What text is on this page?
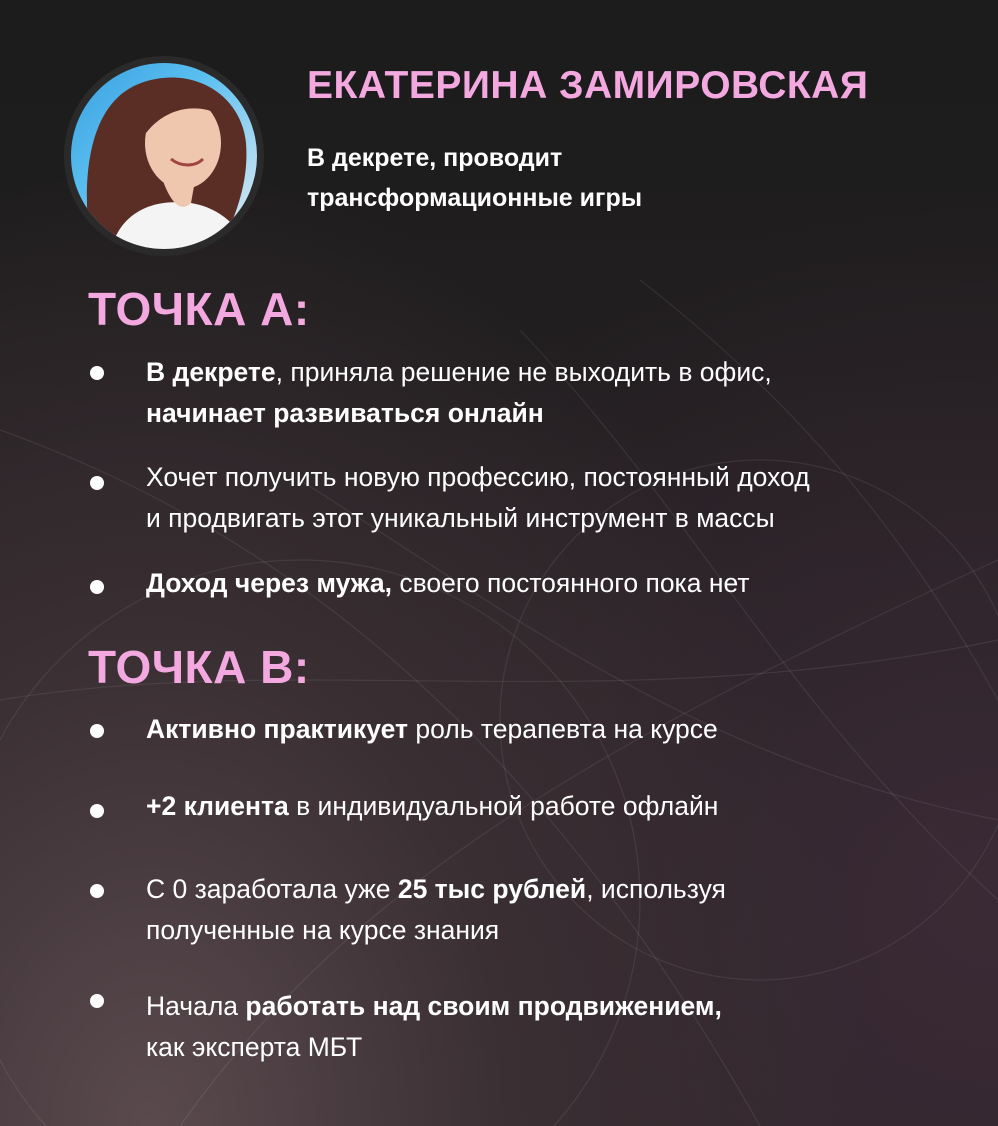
ЕКАТЕРИНА ЗАМИРОВСКАЯ

В декрете, проводит
трансформационные игры

ТОЧКА А:

В декрете, приняла решение не выходить в офис,
начинает развиваться онлайн

Хочет получить новую профессию, постоянный доход
и продвигать этот уникальный инструмент в массы

Доход через мужа, своего постоянного пока нет

ТОЧКА В:

Активно практикует роль терапевта на курсе

+2 клиента в индивидуальной работе офлайн

С 0 заработала уже 25 тыс рублей, используя
полученные на курсе знания

Начала работать над своим продвижением,
как эксперта МБТ
